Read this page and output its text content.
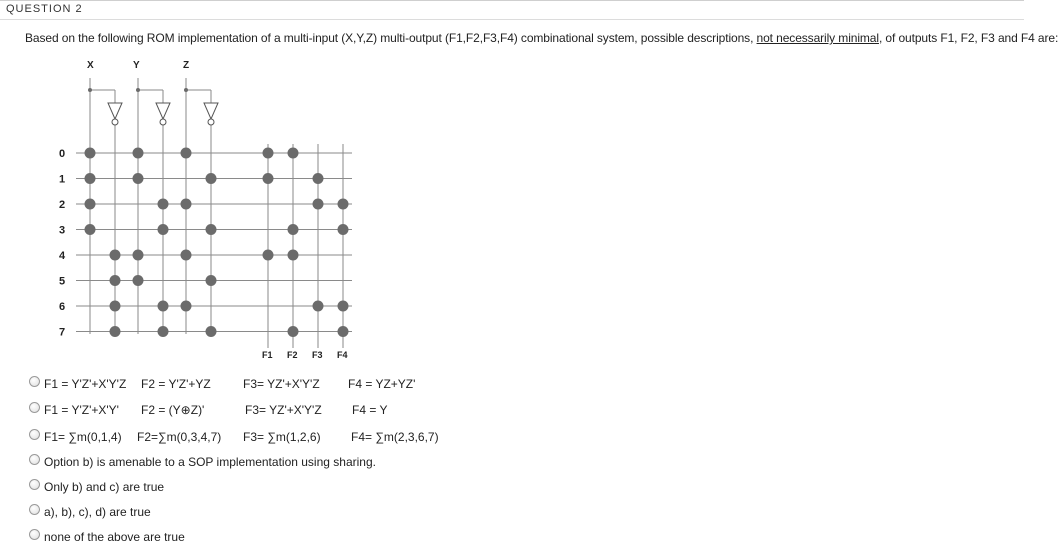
QUESTION 2
Based on the following ROM implementation of a multi-input (X,Y,Z) multi-output (F1,F2,F3,F4) combinational system, possible descriptions, not necessarily minimal, of outputs F1, F2, F3 and F4 are:
X	Y	Z
F1 F2 F3 F4
0
1
2
3
4
5
6
7
F1 = Y'Z'+X'Y'Z F2 = Y'Z'+YZ	F3= YZ'+X'Y'Z F4 = YZ+YZ'
F1 = Y'Z'+X'Y' F2 = (Y⊕Z)'	F3= YZ'+X'Y'Z	F4 = Y
F1= ∑m(0,1,4) F2=∑m(0,3,4,7) F3= ∑m(1,2,6)	F4= ∑m(2,3,6,7)
Option b) is amenable to a SOP implementation using sharing.
Only b) and c) are true
a), b), c), d) are true
none of the above are true
